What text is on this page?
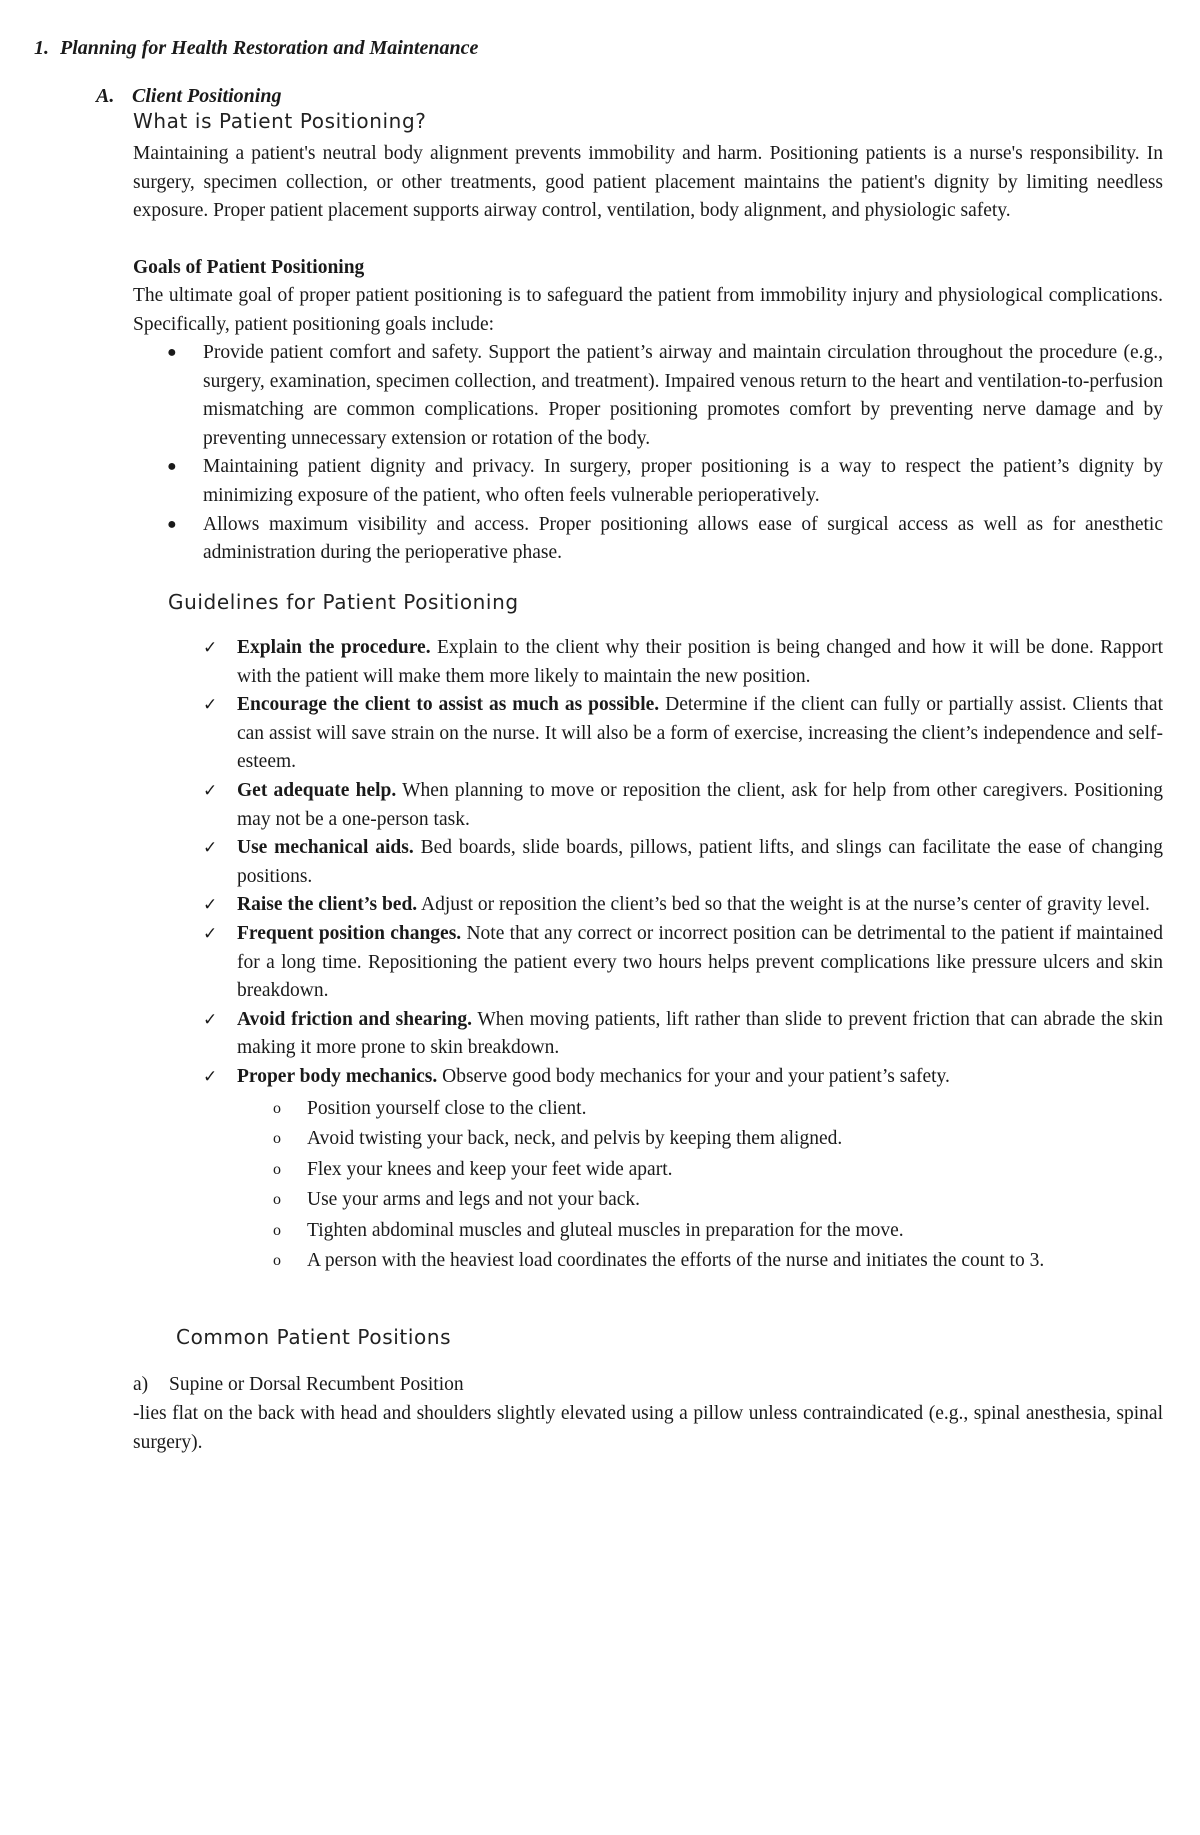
1. Planning for Health Restoration and Maintenance
A. Client Positioning
What is Patient Positioning?
Maintaining a patient's neutral body alignment prevents immobility and harm. Positioning patients is a nurse's responsibility. In surgery, specimen collection, or other treatments, good patient placement maintains the patient's dignity by limiting needless exposure. Proper patient placement supports airway control, ventilation, body alignment, and physiologic safety.
Goals of Patient Positioning
The ultimate goal of proper patient positioning is to safeguard the patient from immobility injury and physiological complications. Specifically, patient positioning goals include:
● Provide patient comfort and safety. Support the patient’s airway and maintain circulation throughout the procedure (e.g., surgery, examination, specimen collection, and treatment). Impaired venous return to the heart and ventilation-to-perfusion mismatching are common complications. Proper positioning promotes comfort by preventing nerve damage and by preventing unnecessary extension or rotation of the body.
● Maintaining patient dignity and privacy. In surgery, proper positioning is a way to respect the patient’s dignity by minimizing exposure of the patient, who often feels vulnerable perioperatively.
● Allows maximum visibility and access. Proper positioning allows ease of surgical access as well as for anesthetic administration during the perioperative phase.
Guidelines for Patient Positioning
✓ Explain the procedure. Explain to the client why their position is being changed and how it will be done. Rapport with the patient will make them more likely to maintain the new position.
✓ Encourage the client to assist as much as possible. Determine if the client can fully or partially assist. Clients that can assist will save strain on the nurse. It will also be a form of exercise, increasing the client’s independence and self-esteem.
✓ Get adequate help. When planning to move or reposition the client, ask for help from other caregivers. Positioning may not be a one-person task.
✓ Use mechanical aids. Bed boards, slide boards, pillows, patient lifts, and slings can facilitate the ease of changing positions.
✓ Raise the client’s bed. Adjust or reposition the client’s bed so that the weight is at the nurse’s center of gravity level.
✓ Frequent position changes. Note that any correct or incorrect position can be detrimental to the patient if maintained for a long time. Repositioning the patient every two hours helps prevent complications like pressure ulcers and skin breakdown.
✓ Avoid friction and shearing. When moving patients, lift rather than slide to prevent friction that can abrade the skin making it more prone to skin breakdown.
✓ Proper body mechanics. Observe good body mechanics for your and your patient’s safety.
o Position yourself close to the client.
o Avoid twisting your back, neck, and pelvis by keeping them aligned.
o Flex your knees and keep your feet wide apart.
o Use your arms and legs and not your back.
o Tighten abdominal muscles and gluteal muscles in preparation for the move.
o A person with the heaviest load coordinates the efforts of the nurse and initiates the count to 3.
Common Patient Positions
a) Supine or Dorsal Recumbent Position
-lies flat on the back with head and shoulders slightly elevated using a pillow unless contraindicated (e.g., spinal anesthesia, spinal surgery).
